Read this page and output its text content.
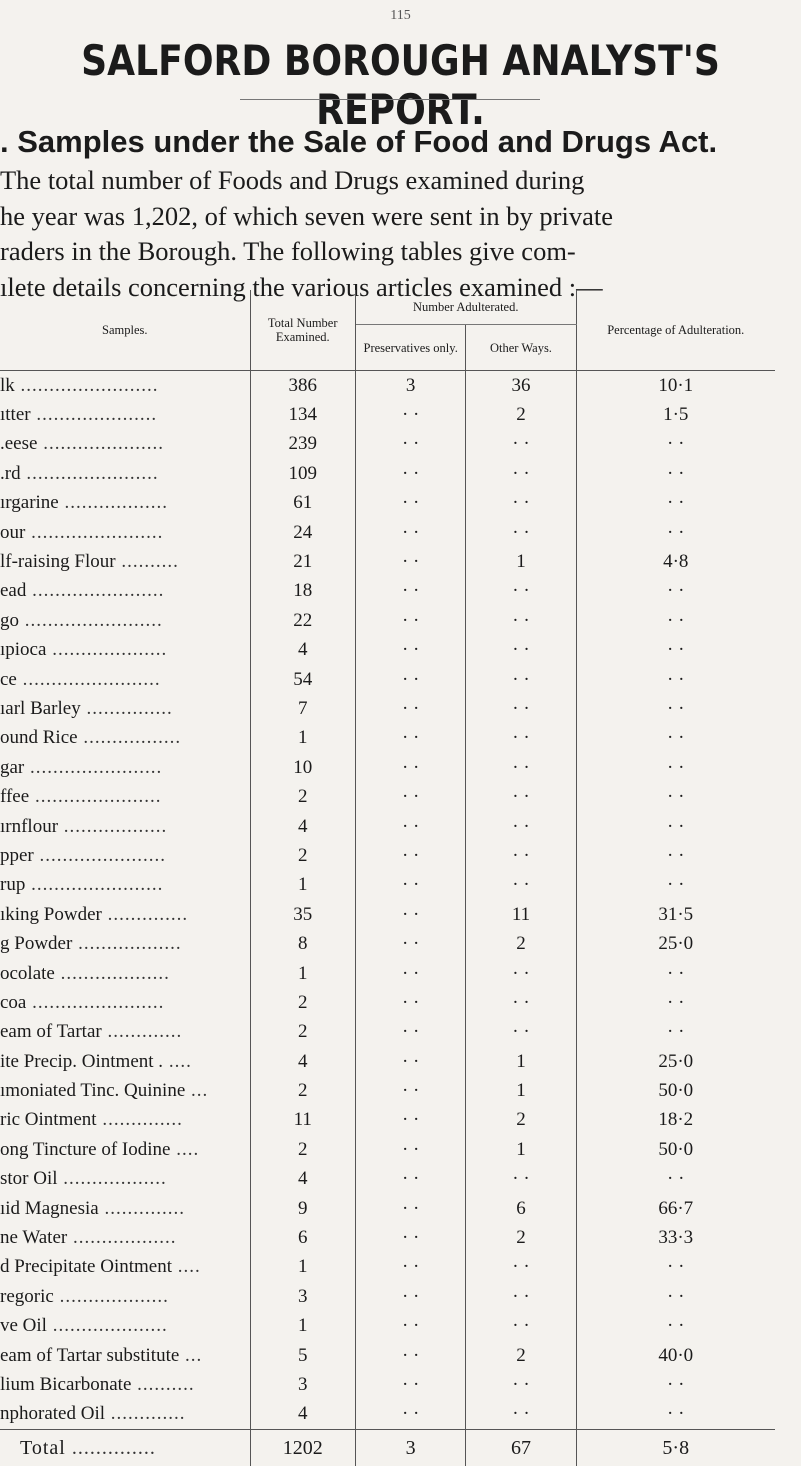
115
SALFORD BOROUGH ANALYST'S REPORT.
. Samples under the Sale of Food and Drugs Act.
The total number of Foods and Drugs examined during
he year was 1,202, of which seven were sent in by private
raders in the Borough. The following tables give com-
ılete details concerning the various articles examined :—
Samples.	Total Number Examined.	Number Adulterated.		Percentage of Adulteration.
		Preservatives only.	Other Ways.	
lk ........................	386	3	36	10·1
ıtter .....................	134	· ·	2	1·5
.eese .....................	239	· ·	· ·	· ·
.rd .......................	109	· ·	· ·	· ·
ırgarine ..................	61	· ·	· ·	· ·
our .......................	24	· ·	· ·	· ·
lf-raising Flour ..........	21	· ·	1	4·8
ead .......................	18	· ·	· ·	· ·
go ........................	22	· ·	· ·	· ·
ıpioca ....................	4	· ·	· ·	· ·
ce ........................	54	· ·	· ·	· ·
ıarl Barley ...............	7	· ·	· ·	· ·
ound Rice .................	1	· ·	· ·	· ·
gar .......................	10	· ·	· ·	· ·
ffee ......................	2	· ·	· ·	· ·
ırnflour ..................	4	· ·	· ·	· ·
pper ......................	2	· ·	· ·	· ·
rup .......................	1	· ·	· ·	· ·
ıking Powder ..............	35	· ·	11	31·5
g Powder ..................	8	· ·	2	25·0
ocolate ...................	1	· ·	· ·	· ·
coa .......................	2	· ·	· ·	· ·
eam of Tartar .............	2	· ·	· ·	· ·
ite Precip. Ointment . ....	4	· ·	1	25·0
ımoniated Tinc. Quinine ...	2	· ·	1	50·0
ric Ointment ..............	11	· ·	2	18·2
ong Tincture of Iodine ....	2	· ·	1	50·0
stor Oil ..................	4	· ·	· ·	· ·
ıid Magnesia ..............	9	· ·	6	66·7
ne Water ..................	6	· ·	2	33·3
d Precipitate Ointment ....	1	· ·	· ·	· ·
regoric ...................	3	· ·	· ·	· ·
ve Oil ....................	1	· ·	· ·	· ·
eam of Tartar substitute ...	5	· ·	2	40·0
lium Bicarbonate ..........	3	· ·	· ·	· ·
nphorated Oil .............	4	· ·	· ·	· ·
Total ..............	1202	3	67	5·8
